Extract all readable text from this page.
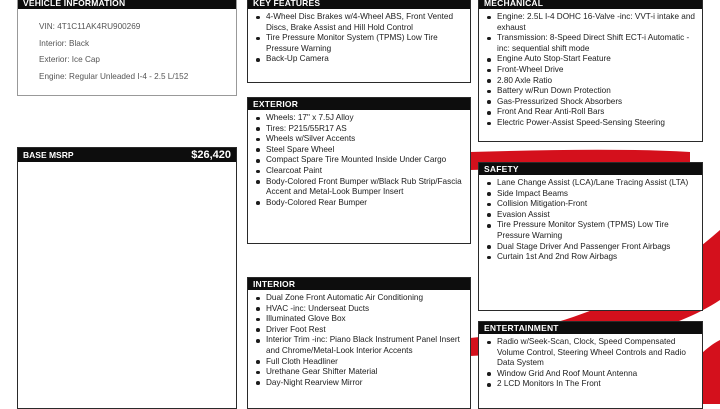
VEHICLE INFORMATION
VIN: 4T1C11AK4RU900269
Interior: Black
Exterior: Ice Cap
Engine: Regular Unleaded I-4 - 2.5 L/152
BASE MSRP	$26,420
KEY FEATURES
4-Wheel Disc Brakes w/4-Wheel ABS, Front Vented Discs, Brake Assist and Hill Hold Control
Tire Pressure Monitor System (TPMS) Low Tire Pressure Warning
Back-Up Camera
EXTERIOR
Wheels: 17" x 7.5J Alloy
Tires: P215/55R17 AS
Wheels w/Silver Accents
Steel Spare Wheel
Compact Spare Tire Mounted Inside Under Cargo
Clearcoat Paint
Body-Colored Front Bumper w/Black Rub Strip/Fascia Accent and Metal-Look Bumper Insert
Body-Colored Rear Bumper
INTERIOR
Dual Zone Front Automatic Air Conditioning
HVAC -inc: Underseat Ducts
Illuminated Glove Box
Driver Foot Rest
Interior Trim -inc: Piano Black Instrument Panel Insert and Chrome/Metal-Look Interior Accents
Full Cloth Headliner
Urethane Gear Shifter Material
Day-Night Rearview Mirror
MECHANICAL
Engine: 2.5L I-4 DOHC 16-Valve -inc: VVT-i intake and exhaust
Transmission: 8-Speed Direct Shift ECT-i Automatic -inc: sequential shift mode
Engine Auto Stop-Start Feature
Front-Wheel Drive
2.80 Axle Ratio
Battery w/Run Down Protection
Gas-Pressurized Shock Absorbers
Front And Rear Anti-Roll Bars
Electric Power-Assist Speed-Sensing Steering
SAFETY
Lane Change Assist (LCA)/Lane Tracing Assist (LTA)
Side Impact Beams
Collision Mitigation-Front
Evasion Assist
Tire Pressure Monitor System (TPMS) Low Tire Pressure Warning
Dual Stage Driver And Passenger Front Airbags
Curtain 1st And 2nd Row Airbags
ENTERTAINMENT
Radio w/Seek-Scan, Clock, Speed Compensated Volume Control, Steering Wheel Controls and Radio Data System
Window Grid And Roof Mount Antenna
2 LCD Monitors In The Front
